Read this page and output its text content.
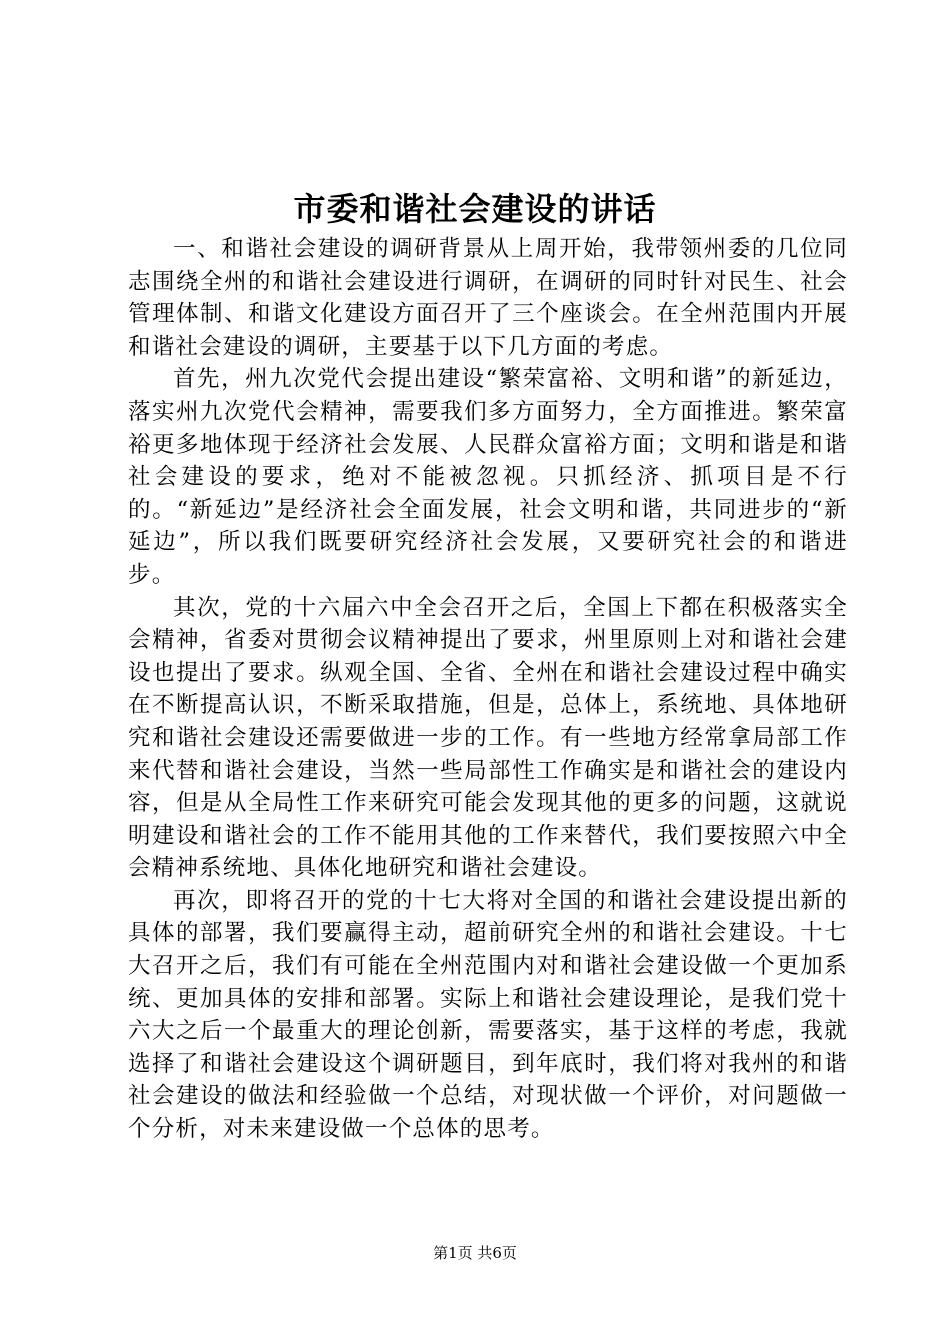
市委和谐社会建设的讲话

一、和谐社会建设的调研背景从上周开始，我带领州委的几位同志围绕全州的和谐社会建设进行调研，在调研的同时针对民生、社会管理体制、和谐文化建设方面召开了三个座谈会。在全州范围内开展和谐社会建设的调研，主要基于以下几方面的考虑。

首先，州九次党代会提出建设“繁荣富裕、文明和谐”的新延边，落实州九次党代会精神，需要我们多方面努力，全方面推进。繁荣富裕更多地体现于经济社会发展、人民群众富裕方面；文明和谐是和谐社会建设的要求，绝对不能被忽视。只抓经济、抓项目是不行的。“新延边”是经济社会全面发展，社会文明和谐，共同进步的“新延边”，所以我们既要研究经济社会发展，又要研究社会的和谐进步。

其次，党的十六届六中全会召开之后，全国上下都在积极落实全会精神，省委对贯彻会议精神提出了要求，州里原则上对和谐社会建设也提出了要求。纵观全国、全省、全州在和谐社会建设过程中确实在不断提高认识，不断采取措施，但是，总体上，系统地、具体地研究和谐社会建设还需要做进一步的工作。有一些地方经常拿局部工作来代替和谐社会建设，当然一些局部性工作确实是和谐社会的建设内容，但是从全局性工作来研究可能会发现其他的更多的问题，这就说明建设和谐社会的工作不能用其他的工作来替代，我们要按照六中全会精神系统地、具体化地研究和谐社会建设。

再次，即将召开的党的十七大将对全国的和谐社会建设提出新的具体的部署，我们要赢得主动，超前研究全州的和谐社会建设。十七大召开之后，我们有可能在全州范围内对和谐社会建设做一个更加系统、更加具体的安排和部署。实际上和谐社会建设理论，是我们党十六大之后一个最重大的理论创新，需要落实，基于这样的考虑，我就选择了和谐社会建设这个调研题目，到年底时，我们将对我州的和谐社会建设的做法和经验做一个总结，对现状做一个评价，对问题做一个分析，对未来建设做一个总体的思考。

第1页 共6页
